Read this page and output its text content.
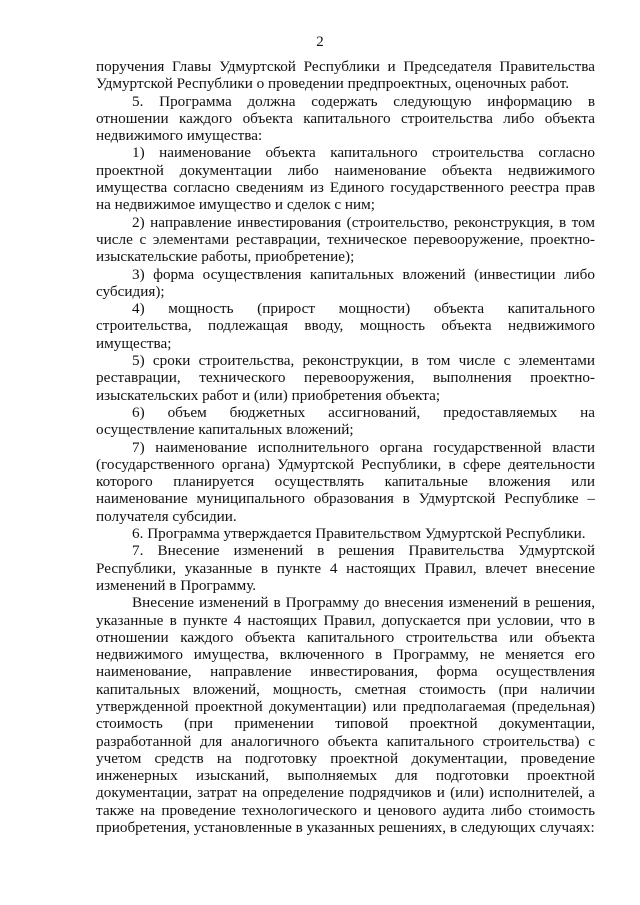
2

поручения Главы Удмуртской Республики и Председателя Правительства Удмуртской Республики о проведении предпроектных, оценочных работ.

5. Программа должна содержать следующую информацию в отношении каждого объекта капитального строительства либо объекта недвижимого имущества:

1) наименование объекта капитального строительства согласно проектной документации либо наименование объекта недвижимого имущества согласно сведениям из Единого государственного реестра прав на недвижимое имущество и сделок с ним;

2) направление инвестирования (строительство, реконструкция, в том числе с элементами реставрации, техническое перевооружение, проектно-изыскательские работы, приобретение);

3) форма осуществления капитальных вложений (инвестиции либо субсидия);

4) мощность (прирост мощности) объекта капитального строительства, подлежащая вводу, мощность объекта недвижимого имущества;

5) сроки строительства, реконструкции, в том числе с элементами реставрации, технического перевооружения, выполнения проектно-изыскательских работ и (или) приобретения объекта;

6) объем бюджетных ассигнований, предоставляемых на осуществление капитальных вложений;

7) наименование исполнительного органа государственной власти (государственного органа) Удмуртской Республики, в сфере деятельности которого планируется осуществлять капитальные вложения или наименование муниципального образования в Удмуртской Республике – получателя субсидии.

6. Программа утверждается Правительством Удмуртской Республики.

7. Внесение изменений в решения Правительства Удмуртской Республики, указанные в пункте 4 настоящих Правил, влечет внесение изменений в Программу.

Внесение изменений в Программу до внесения изменений в решения, указанные в пункте 4 настоящих Правил, допускается при условии, что в отношении каждого объекта капитального строительства или объекта недвижимого имущества, включенного в Программу, не меняется его наименование, направление инвестирования, форма осуществления капитальных вложений, мощность, сметная стоимость (при наличии утвержденной проектной документации) или предполагаемая (предельная) стоимость (при применении типовой проектной документации, разработанной для аналогичного объекта капитального строительства) с учетом средств на подготовку проектной документации, проведение инженерных изысканий, выполняемых для подготовки проектной документации, затрат на определение подрядчиков и (или) исполнителей, а также на проведение технологического и ценового аудита либо стоимость приобретения, установленные в указанных решениях, в следующих случаях:
